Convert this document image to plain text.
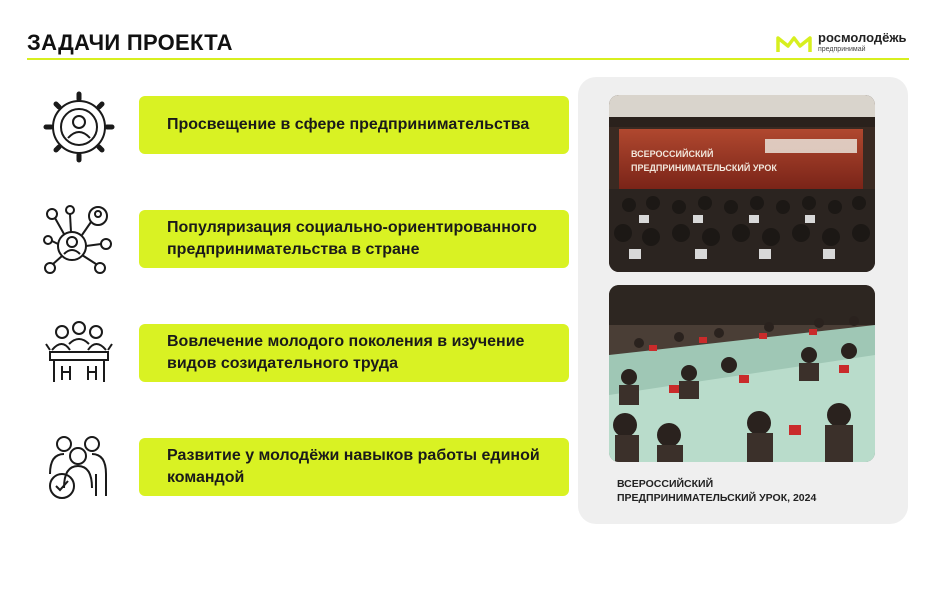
ЗАДАЧИ ПРОЕКТА	росмолодёжь
предпринимай
Просвещение в сфере предпринимательства
Популяризация социально-ориентированного предпринимательства в стране
Вовлечение молодого поколения в изучение видов созидательного труда
Развитие у молодёжи навыков работы единой командой
ВСЕРОССИЙСКИЙ
ПРЕДПРИНИМАТЕЛЬСКИЙ УРОК
ВСЕРОССИЙСКИЙ
ПРЕДПРИНИМАТЕЛЬСКИЙ УРОК, 2024
